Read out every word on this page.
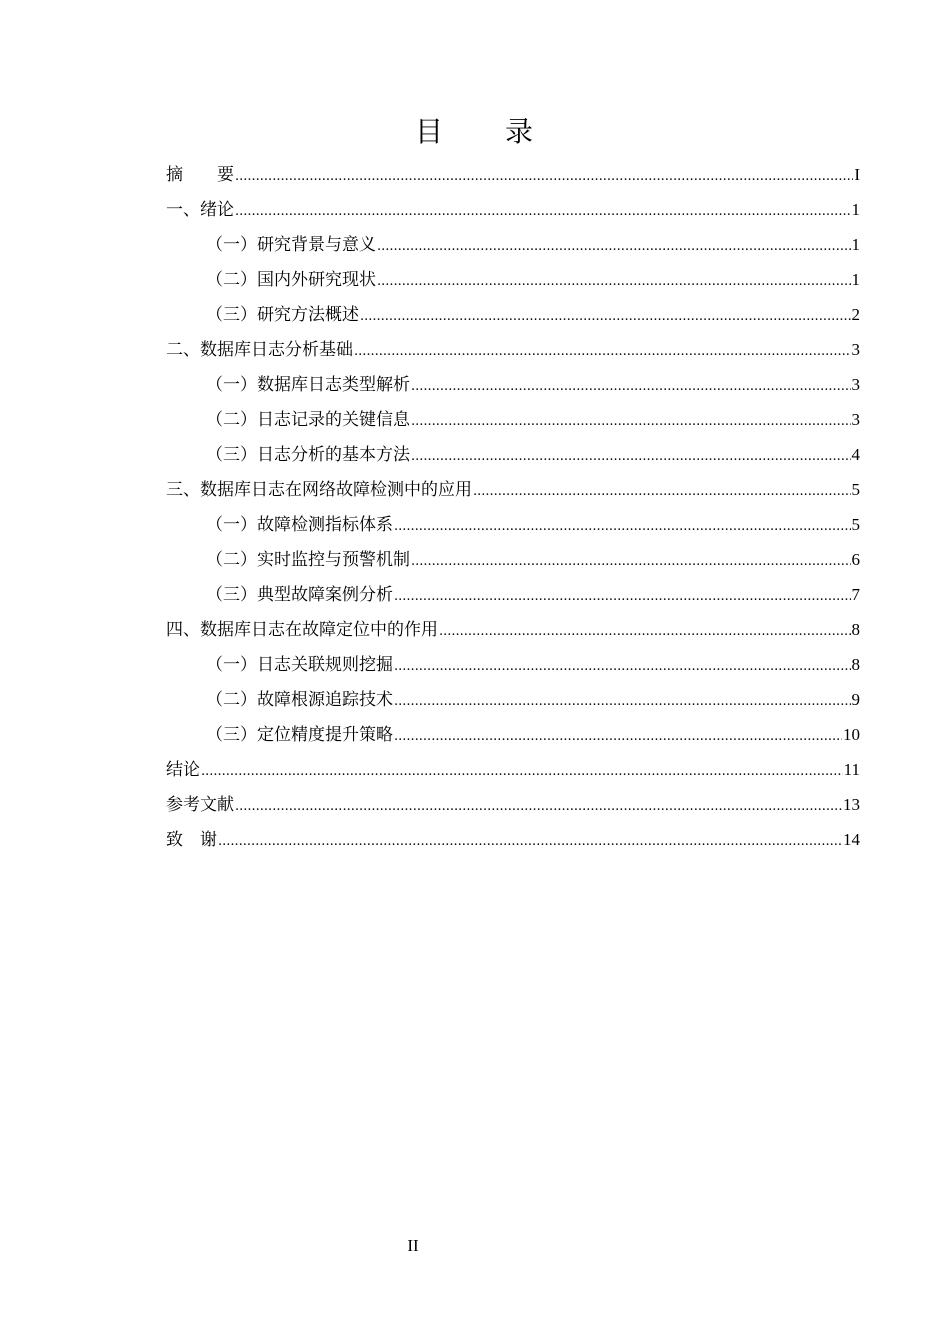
目　　录
摘　　要 .....	I
一、绪论 .....	1
（一）研究背景与意义 .....	1
（二）国内外研究现状 .....	1
（三）研究方法概述 .....	2
二、数据库日志分析基础 .....	3
（一）数据库日志类型解析 .....	3
（二）日志记录的关键信息 .....	3
（三）日志分析的基本方法 .....	4
三、数据库日志在网络故障检测中的应用 .....	5
（一）故障检测指标体系 .....	5
（二）实时监控与预警机制 .....	6
（三）典型故障案例分析 .....	7
四、数据库日志在故障定位中的作用 .....	8
（一）日志关联规则挖掘 .....	8
（二）故障根源追踪技术 .....	9
（三）定位精度提升策略 .....	10
结论 .....	11
参考文献 .....	13
致　谢 .....	14
II
